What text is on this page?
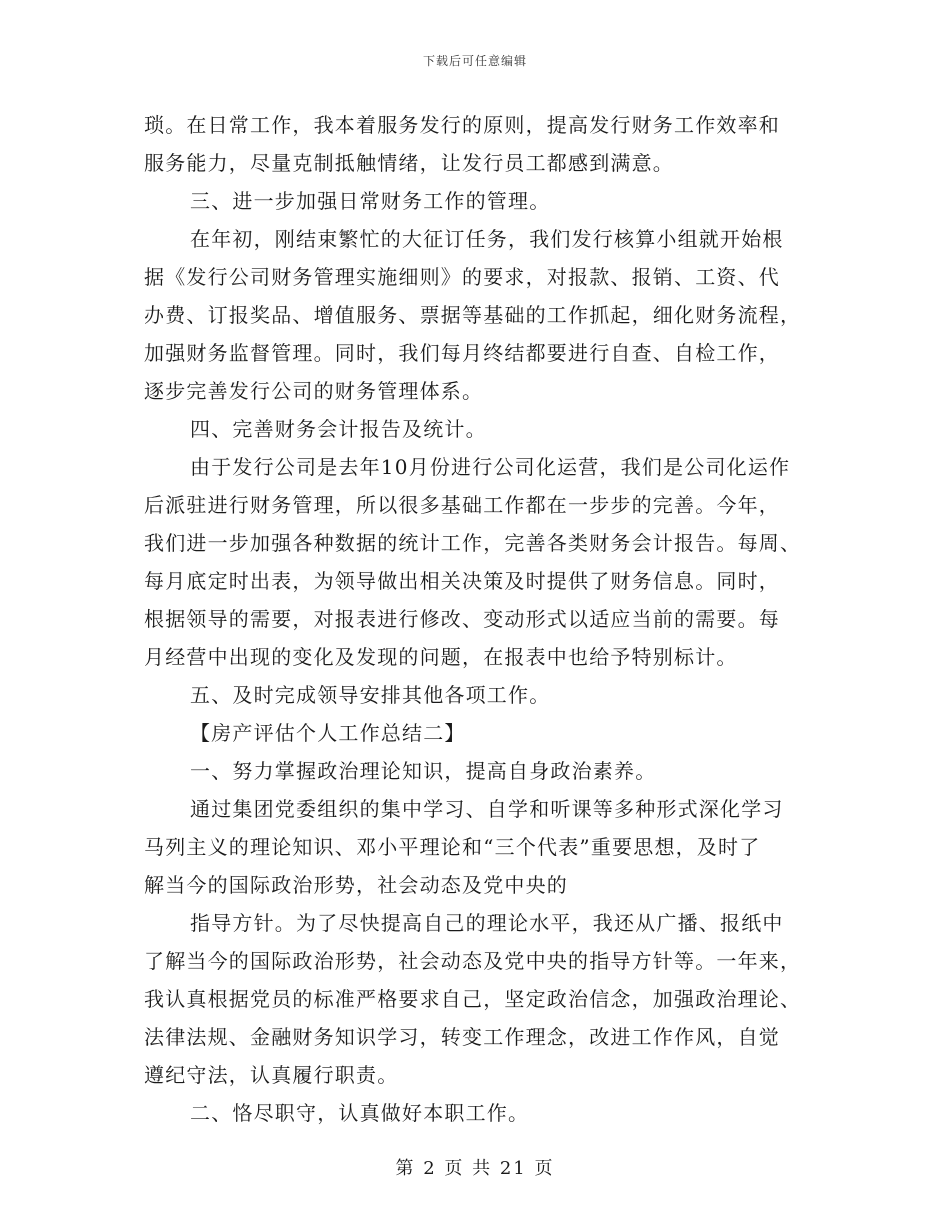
下载后可任意编辑
琐。在日常工作，我本着服务发行的原则，提高发行财务工作效率和
服务能力，尽量克制抵触情绪，让发行员工都感到满意。
三、进一步加强日常财务工作的管理。
在年初，刚结束繁忙的大征订任务，我们发行核算小组就开始根
据《发行公司财务管理实施细则》的要求，对报款、报销、工资、代
办费、订报奖品、增值服务、票据等基础的工作抓起，细化财务流程，
加强财务监督管理。同时，我们每月终结都要进行自查、自检工作，
逐步完善发行公司的财务管理体系。
四、完善财务会计报告及统计。
由于发行公司是去年10月份进行公司化运营，我们是公司化运作
后派驻进行财务管理，所以很多基础工作都在一步步的完善。今年，
我们进一步加强各种数据的统计工作，完善各类财务会计报告。每周、
每月底定时出表，为领导做出相关决策及时提供了财务信息。同时，
根据领导的需要，对报表进行修改、变动形式以适应当前的需要。每
月经营中出现的变化及发现的问题，在报表中也给予特别标计。
五、及时完成领导安排其他各项工作。
【房产评估个人工作总结二】
一、努力掌握政治理论知识，提高自身政治素养。
通过集团党委组织的集中学习、自学和听课等多种形式深化学习
马列主义的理论知识、邓小平理论和“三个代表”重要思想，及时了
解当今的国际政治形势，社会动态及党中央的
指导方针。为了尽快提高自己的理论水平，我还从广播、报纸中
了解当今的国际政治形势，社会动态及党中央的指导方针等。一年来，
我认真根据党员的标准严格要求自己，坚定政治信念，加强政治理论、
法律法规、金融财务知识学习，转变工作理念，改进工作作风，自觉
遵纪守法，认真履行职责。
二、恪尽职守，认真做好本职工作。
第 2 页 共 21 页
